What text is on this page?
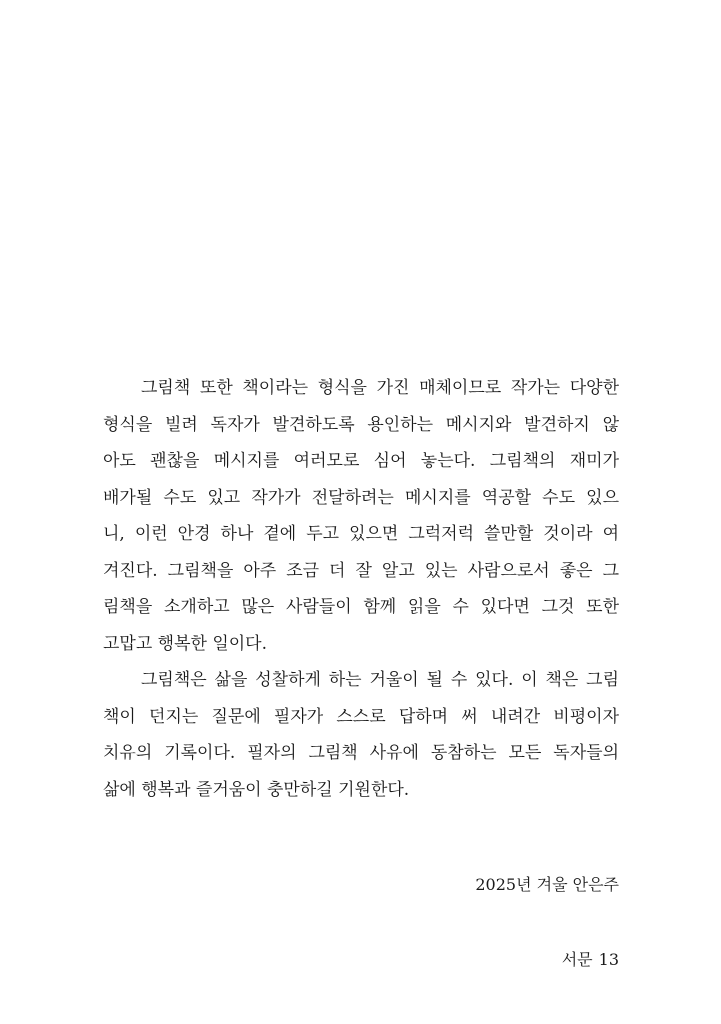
그림책 또한 책이라는 형식을 가진 매체이므로 작가는 다양한
형식을 빌려 독자가 발견하도록 용인하는 메시지와 발견하지 않
아도 괜찮을 메시지를 여러모로 심어 놓는다. 그림책의 재미가
배가될 수도 있고 작가가 전달하려는 메시지를 역공할 수도 있으
니, 이런 안경 하나 곁에 두고 있으면 그럭저럭 쓸만할 것이라 여
겨진다. 그림책을 아주 조금 더 잘 알고 있는 사람으로서 좋은 그
림책을 소개하고 많은 사람들이 함께 읽을 수 있다면 그것 또한
고맙고 행복한 일이다.
그림책은 삶을 성찰하게 하는 거울이 될 수 있다. 이 책은 그림
책이 던지는 질문에 필자가 스스로 답하며 써 내려간 비평이자
치유의 기록이다. 필자의 그림책 사유에 동참하는 모든 독자들의
삶에 행복과 즐거움이 충만하길 기원한다.
2025년 겨울 안은주
서문 13
